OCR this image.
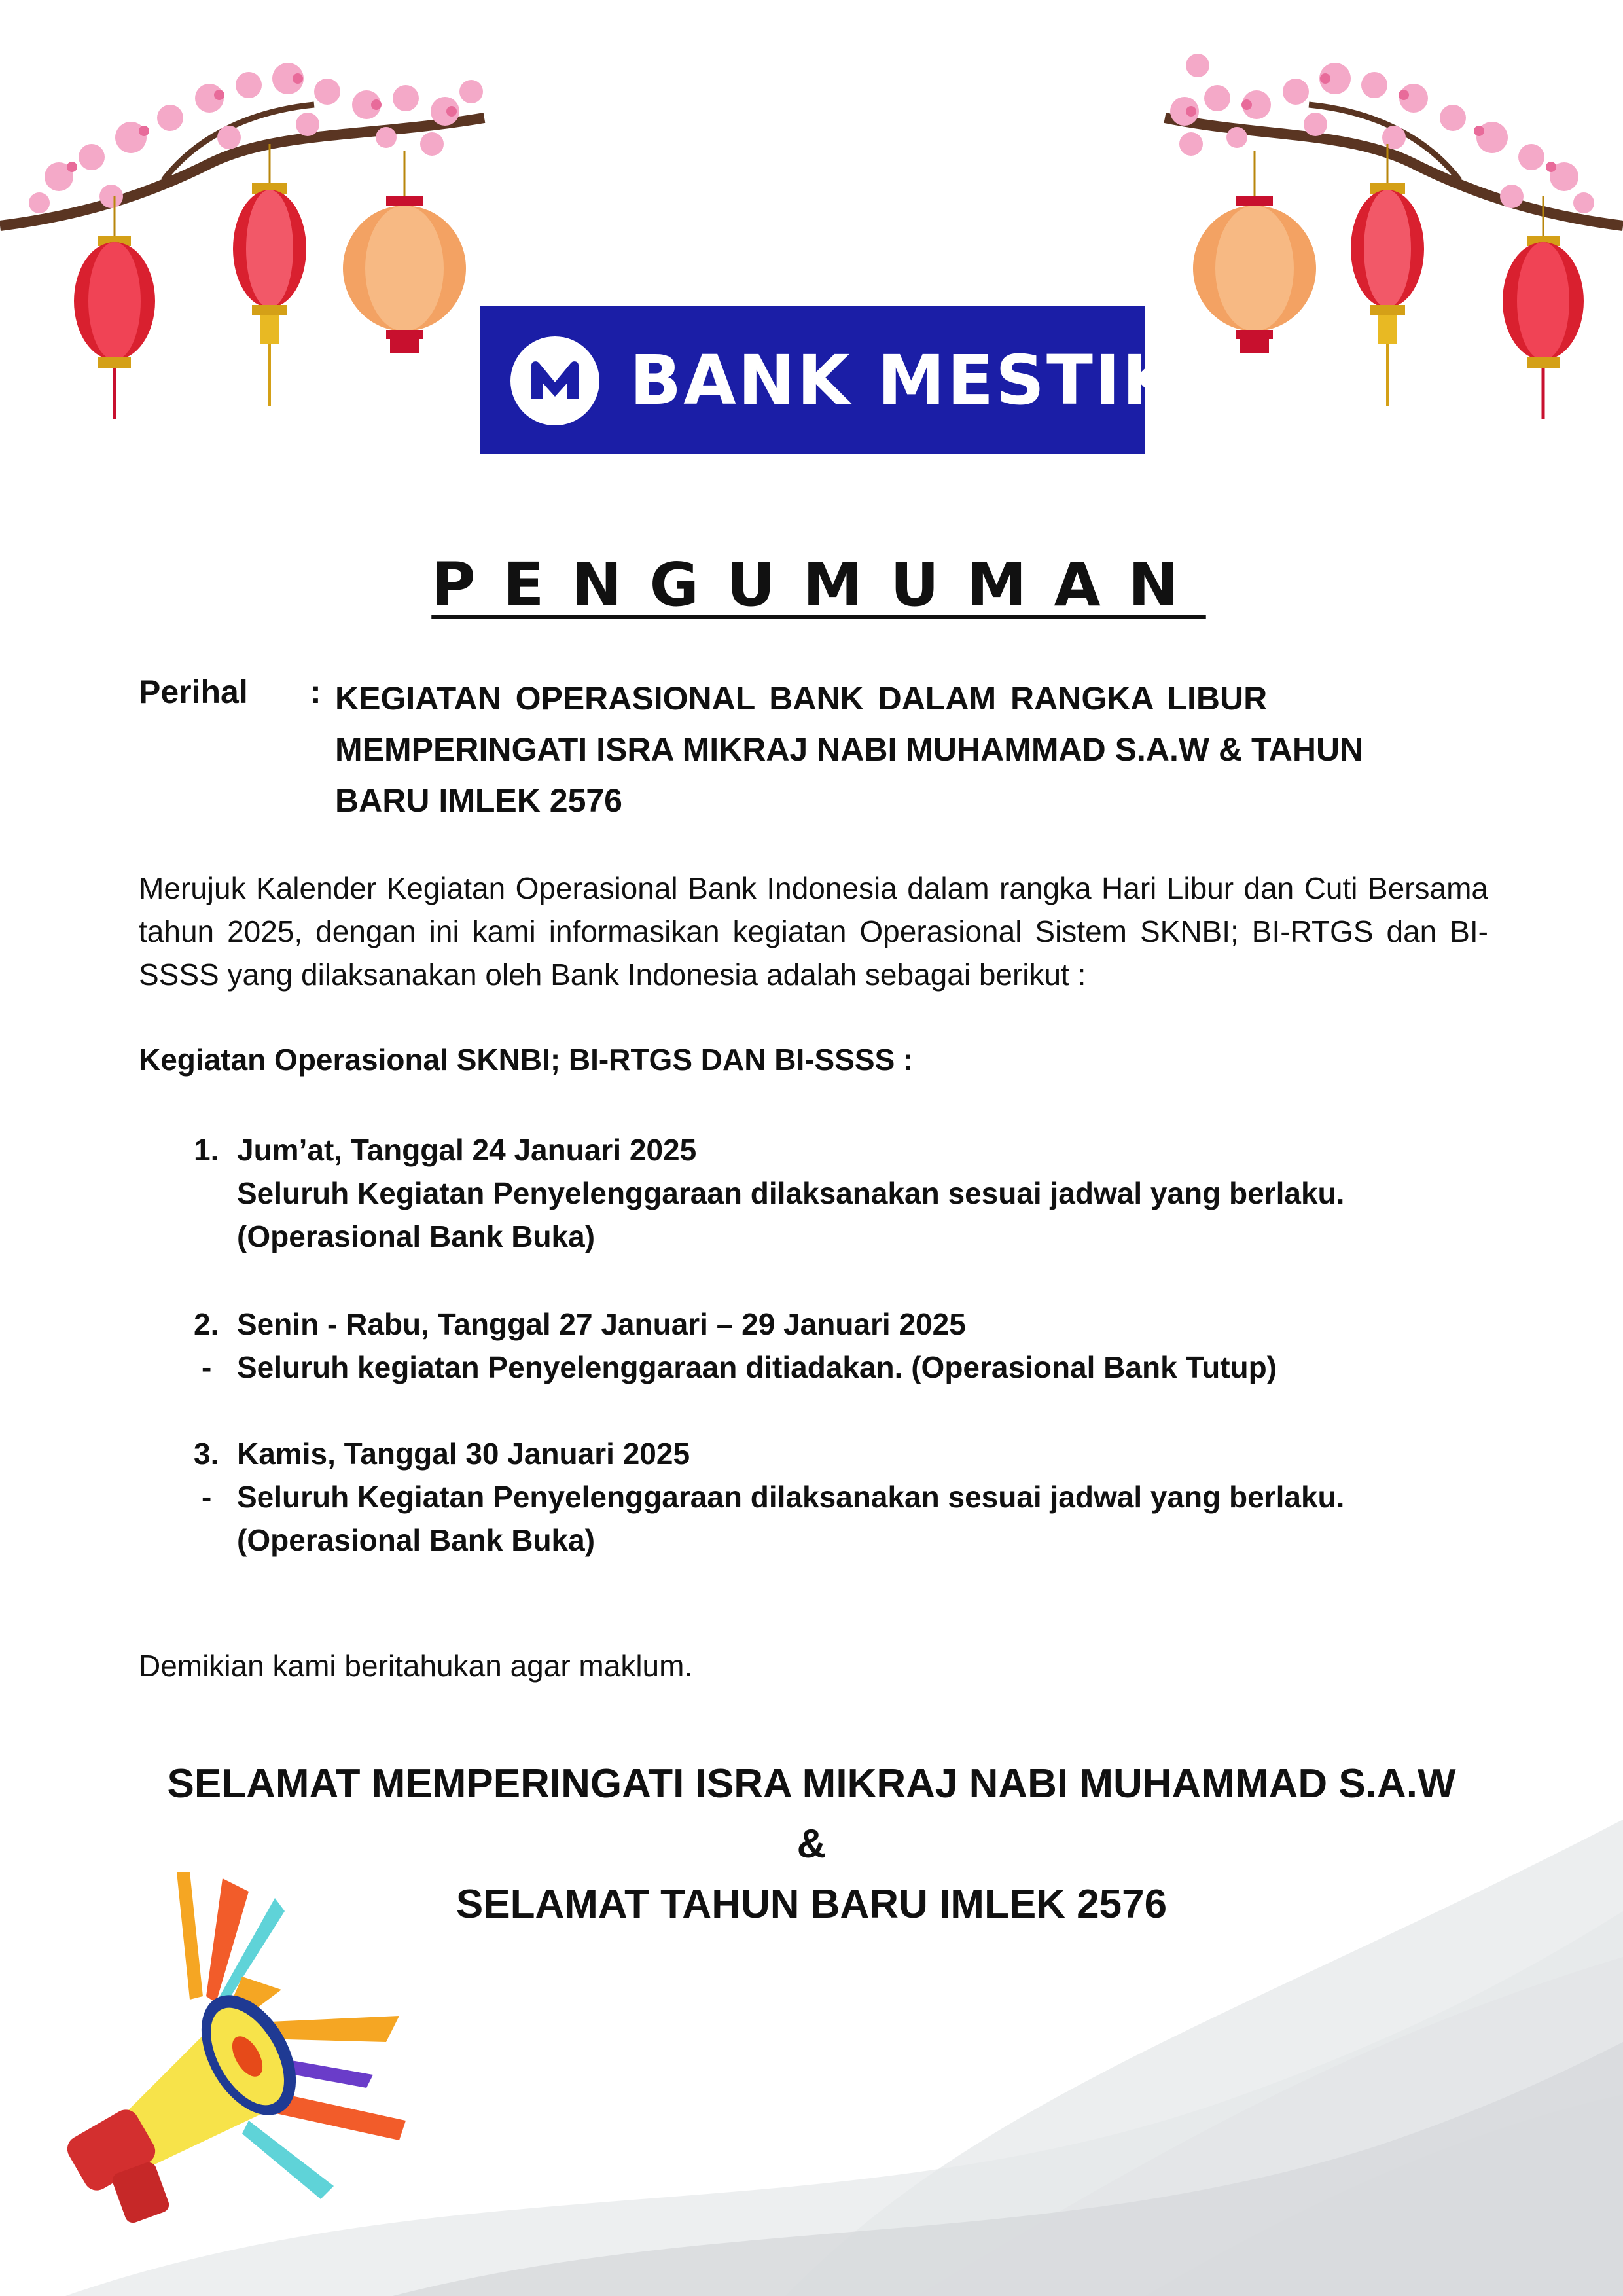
BANK MESTIKA
PENGUMUMAN
Perihal : KEGIATAN OPERASIONAL BANK DALAM RANGKA LIBUR
MEMPERINGATI ISRA MIKRAJ NABI MUHAMMAD S.A.W & TAHUN
BARU IMLEK 2576
Merujuk Kalender Kegiatan Operasional Bank Indonesia dalam rangka Hari Libur dan Cuti Bersama tahun 2025, dengan ini kami informasikan kegiatan Operasional Sistem SKNBI; BI-RTGS dan BI-SSSS yang dilaksanakan oleh Bank Indonesia adalah sebagai berikut :
Kegiatan Operasional SKNBI; BI-RTGS DAN BI-SSSS :
1. Jum’at, Tanggal 24 Januari 2025
Seluruh Kegiatan Penyelenggaraan dilaksanakan sesuai jadwal yang berlaku.
(Operasional Bank Buka)
2.
-
Senin - Rabu, Tanggal 27 Januari – 29 Januari 2025
Seluruh kegiatan Penyelenggaraan ditiadakan. (Operasional Bank Tutup)
3.
-
Kamis, Tanggal 30 Januari 2025
Seluruh Kegiatan Penyelenggaraan dilaksanakan sesuai jadwal yang berlaku.
(Operasional Bank Buka)
Demikian kami beritahukan agar maklum.
SELAMAT MEMPERINGATI ISRA MIKRAJ NABI MUHAMMAD S.A.W
&
SELAMAT TAHUN BARU IMLEK 2576
